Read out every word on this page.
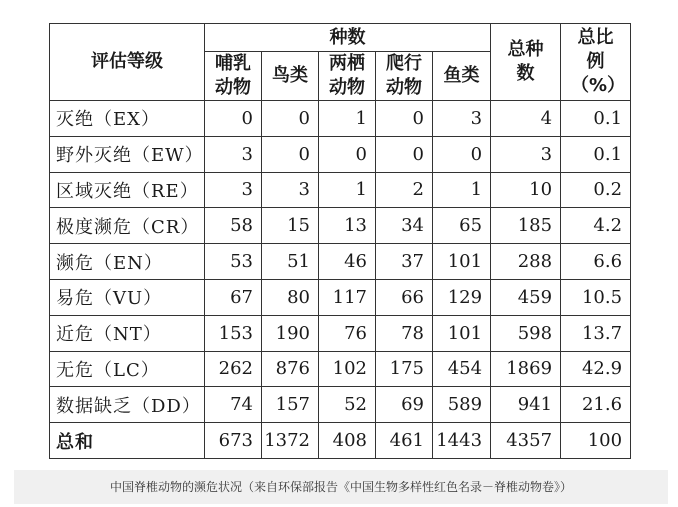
评估等级	种数					总种数	总比例（%）
	哺乳动物	鸟类	两栖动物	爬行动物	鱼类		
灭绝（EX）	0	0	1	0	3	4	0.1
野外灭绝（EW）	3	0	0	0	0	3	0.1
区域灭绝（RE）	3	3	1	2	1	10	0.2
极度濒危（CR）	58	15	13	34	65	185	4.2
濒危（EN）	53	51	46	37	101	288	6.6
易危（VU）	67	80	117	66	129	459	10.5
近危（NT）	153	190	76	78	101	598	13.7
无危（LC）	262	876	102	175	454	1869	42.9
数据缺乏（DD）	74	157	52	69	589	941	21.6
总和	673	1372	408	461	1443	4357	100
中国脊椎动物的濒危状况（来自环保部报告《中国生物多样性红色名录－脊椎动物卷》）
